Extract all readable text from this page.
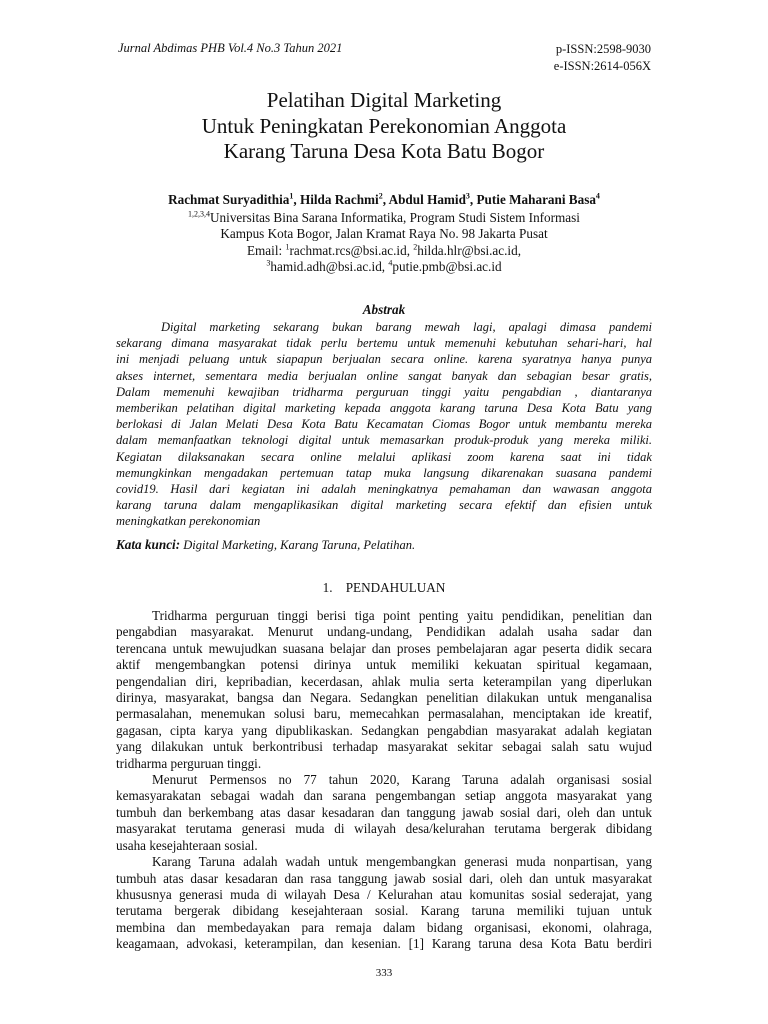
Jurnal Abdimas PHB Vol.4 No.3 Tahun 2021	p-ISSN:2598-9030
e-ISSN:2614-056X
Pelatihan Digital Marketing
Untuk Peningkatan Perekonomian Anggota
Karang Taruna Desa Kota Batu Bogor
Rachmat Suryadithia$^1$, Hilda Rachmi$^2$, Abdul Hamid$^3$, Putie Maharani Basa$^4$
$^{1,2,3,4}$Universitas Bina Sarana Informatika, Program Studi Sistem Informasi
Kampus Kota Bogor, Jalan Kramat Raya No. 98 Jakarta Pusat
Email: $^1$rachmat.rcs@bsi.ac.id, $^2$hilda.hlr@bsi.ac.id,
$^3$hamid.adh@bsi.ac.id, $^4$putie.pmb@bsi.ac.id
Abstrak
Digital marketing sekarang bukan barang mewah lagi, apalagi dimasa pandemi
sekarang dimana masyarakat tidak perlu bertemu untuk memenuhi kebutuhan sehari-hari, hal
ini menjadi peluang untuk siapapun berjualan secara online. karena syaratnya hanya punya
akses internet, sementara media berjualan online sangat banyak dan sebagian besar gratis,
Dalam memenuhi kewajiban tridharma perguruan tinggi yaitu pengabdian , diantaranya
memberikan pelatihan digital marketing kepada anggota karang taruna Desa Kota Batu yang
berlokasi di Jalan Melati Desa Kota Batu Kecamatan Ciomas Bogor untuk membantu mereka
dalam memanfaatkan teknologi digital untuk memasarkan produk-produk yang mereka miliki.
Kegiatan dilaksanakan secara online melalui aplikasi zoom karena saat ini tidak
memungkinkan mengadakan pertemuan tatap muka langsung dikarenakan suasana pandemi
covid19. Hasil dari kegiatan ini adalah meningkatnya pemahaman dan wawasan anggota
karang taruna dalam mengaplikasikan digital marketing secara efektif dan efisien untuk
meningkatkan perekonomian
Kata kunci: Digital Marketing, Karang Taruna, Pelatihan.
1. PENDAHULUAN
Tridharma perguruan tinggi berisi tiga point penting yaitu pendidikan, penelitian dan
pengabdian masyarakat. Menurut undang-undang, Pendidikan adalah usaha sadar dan
terencana untuk mewujudkan suasana belajar dan proses pembelajaran agar peserta didik secara
aktif mengembangkan potensi dirinya untuk memiliki kekuatan spiritual kegamaan,
pengendalian diri, kepribadian, kecerdasan, ahlak mulia serta keterampilan yang diperlukan
dirinya, masyarakat, bangsa dan Negara. Sedangkan penelitian dilakukan untuk menganalisa
permasalahan, menemukan solusi baru, memecahkan permasalahan, menciptakan ide kreatif,
gagasan, cipta karya yang dipublikaskan. Sedangkan pengabdian masyarakat adalah kegiatan
yang dilakukan untuk berkontribusi terhadap masyarakat sekitar sebagai salah satu wujud
tridharma perguruan tinggi.
Menurut Permensos no 77 tahun 2020, Karang Taruna adalah organisasi sosial
kemasyarakatan sebagai wadah dan sarana pengembangan setiap anggota masyarakat yang
tumbuh dan berkembang atas dasar kesadaran dan tanggung jawab sosial dari, oleh dan untuk
masyarakat terutama generasi muda di wilayah desa/kelurahan terutama bergerak dibidang
usaha kesejahteraan sosial.
Karang Taruna adalah wadah untuk mengembangkan generasi muda nonpartisan, yang
tumbuh atas dasar kesadaran dan rasa tanggung jawab sosial dari, oleh dan untuk masyarakat
khususnya generasi muda di wilayah Desa / Kelurahan atau komunitas sosial sederajat, yang
terutama bergerak dibidang kesejahteraan sosial. Karang taruna memiliki tujuan untuk
membina dan membedayakan para remaja dalam bidang organisasi, ekonomi, olahraga,
keagamaan, advokasi, keterampilan, dan kesenian. [1] Karang taruna desa Kota Batu berdiri
333
